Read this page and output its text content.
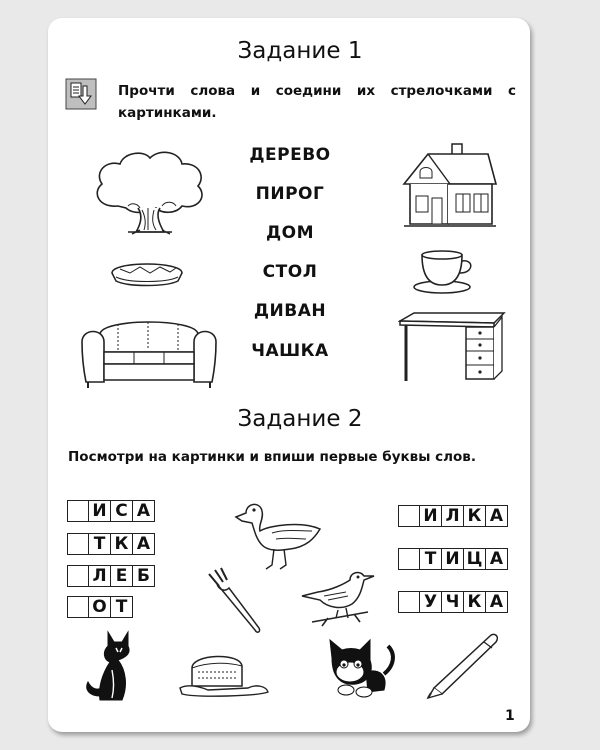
Задание 1
Прочти слова и соедини их стрелочками с картинками.
ДЕРЕВО
ПИРОГ
ДОМ
СТОЛ
ДИВАН
ЧАШКА
Задание 2
Посмотри на картинки и впиши первые буквы слов.
И С А
Т К А
Л Е Б
О Т
И Л К А
Т И Ц А
У Ч К А
1
